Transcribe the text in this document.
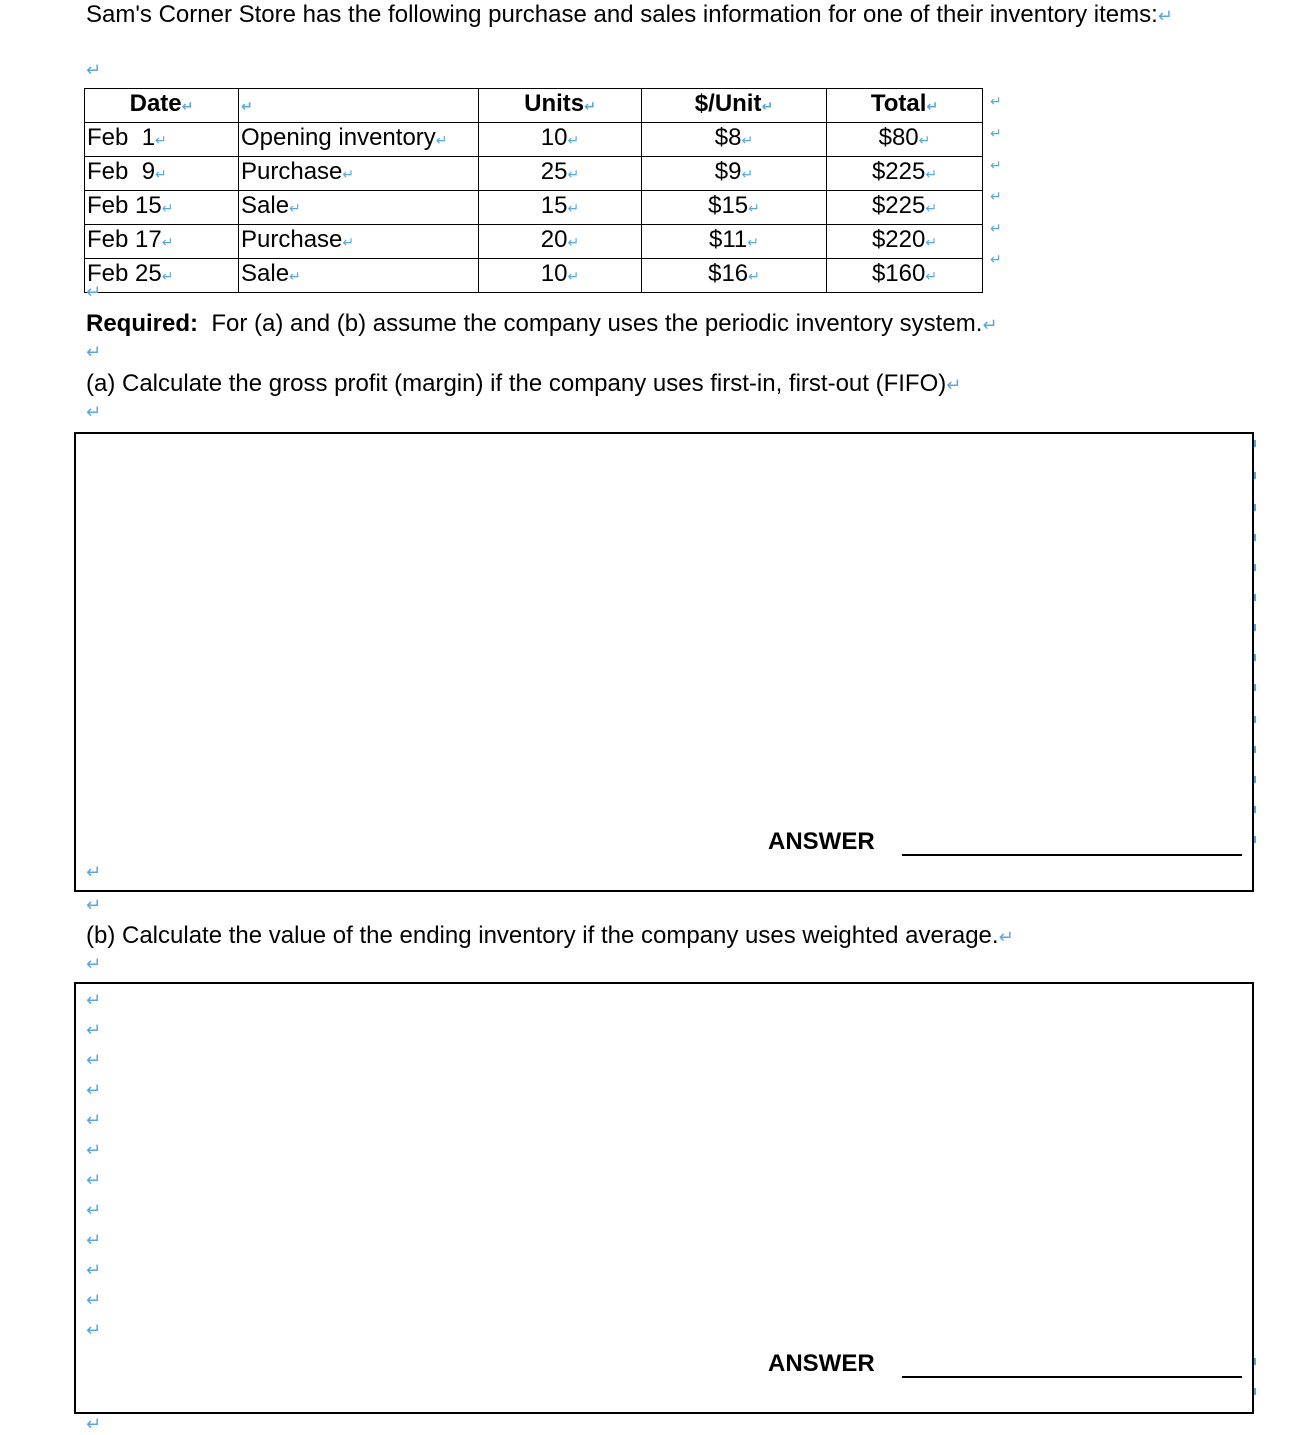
Sam's Corner Store has the following purchase and sales information for one of their inventory items:↵
↵
Date↵	↵	Units↵	$/Unit↵	Total↵
Feb  1↵	Opening inventory↵	10↵	$8↵	$80↵
Feb  9↵	Purchase↵	25↵	$9↵	$225↵
Feb 15↵	Sale↵	15↵	$15↵	$225↵
Feb 17↵	Purchase↵	20↵	$11↵	$220↵
Feb 25↵	Sale↵	10↵	$16↵	$160↵
↵
↵
↵
↵
↵
↵
↵
Required: For (a) and (b) assume the company uses the periodic inventory system.↵
↵
(a) Calculate the gross profit (margin) if the company uses first-in, first-out (FIFO)↵
↵
ANSWER
↵
↵
(b) Calculate the value of the ending inventory if the company uses weighted average.↵
↵
↵
↵
↵
↵
↵
↵
↵
↵
↵
↵
↵
↵
ANSWER
↵
